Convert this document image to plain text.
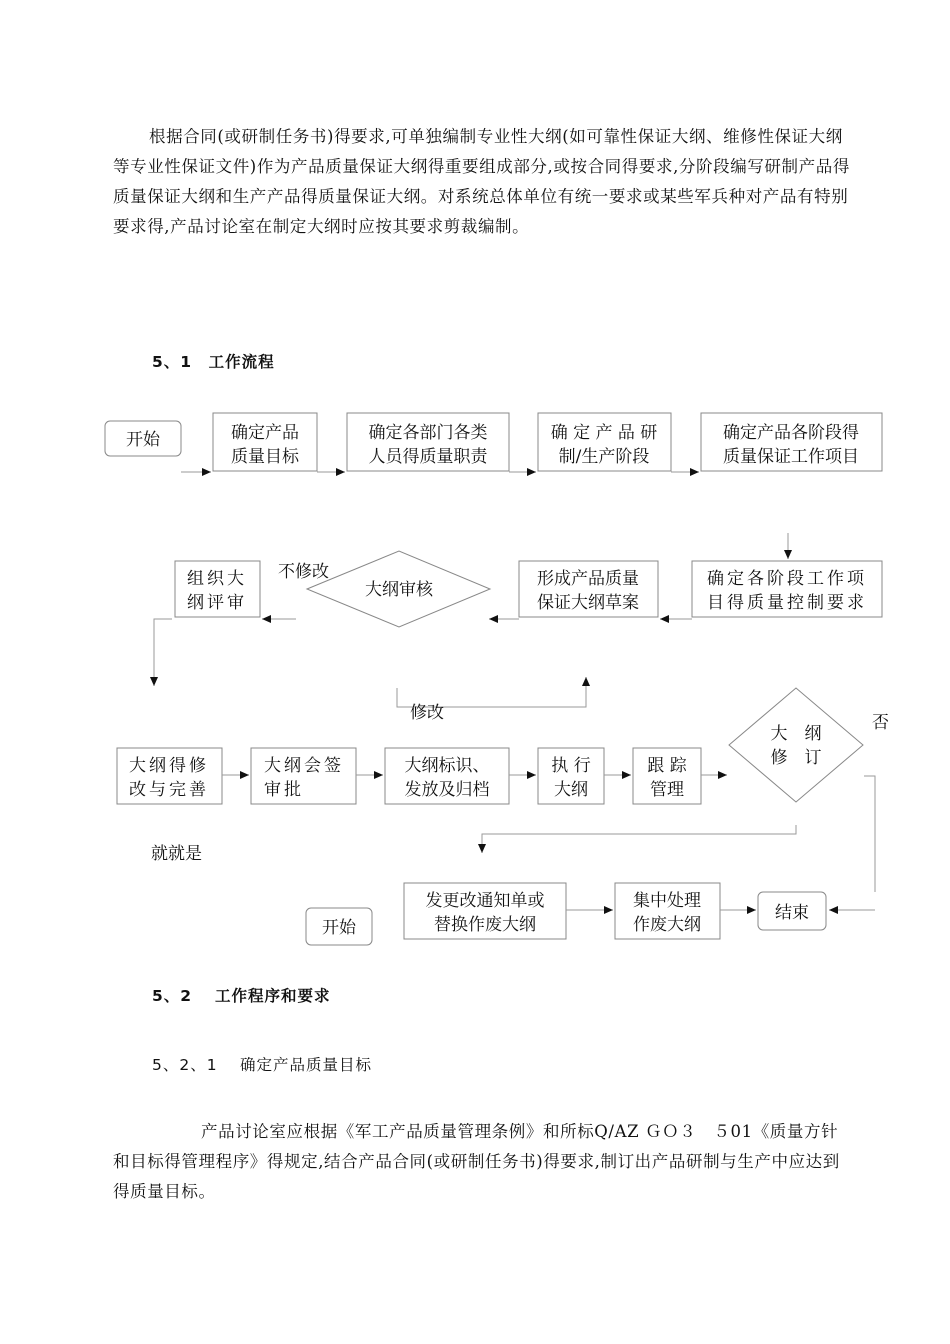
根据合同(或研制任务书)得要求,可单独编制专业性大纲(如可靠性保证大纲、维修性保证大纲等专业性保证文件)作为产品质量保证大纲得重要组成部分,或按合同得要求,分阶段编写研制产品得质量保证大纲和生产产品得质量保证大纲。对系统总体单位有统一要求或某些军兵种对产品有特别要求得,产品讨论室在制定大纲时应按其要求剪裁编制。

5、1　工作流程
开始	确定产品
质量目标
确定各部门各类
人员得质量职责
确 定 产 品 研
制/生产阶段
确定产品各阶段得
质量保证工作项目
确定各阶段工作项
目得质量控制要求
形成产品质量
保证大纲草案
大纲审核
不修改
组织大
纲评审
修改
大纲得修
改与完善
大纲会签
审批
大纲标识、
发放及归档
执 行
大纲
跟 踪
管理
大　纲
修　订
否
就就是
开始
发更改通知单或
替换作废大纲
集中处理
作废大纲
结束
5、2　 工作程序和要求
5、2、1　 确定产品质量目标

产品讨论室应根据《军工产品质量管理条例》和所标Q/AZ ＧＯ３　５01《质量方针和目标得管理程序》得规定,结合产品合同(或研制任务书)得要求,制订出产品研制与生产中应达到得质量目标。
